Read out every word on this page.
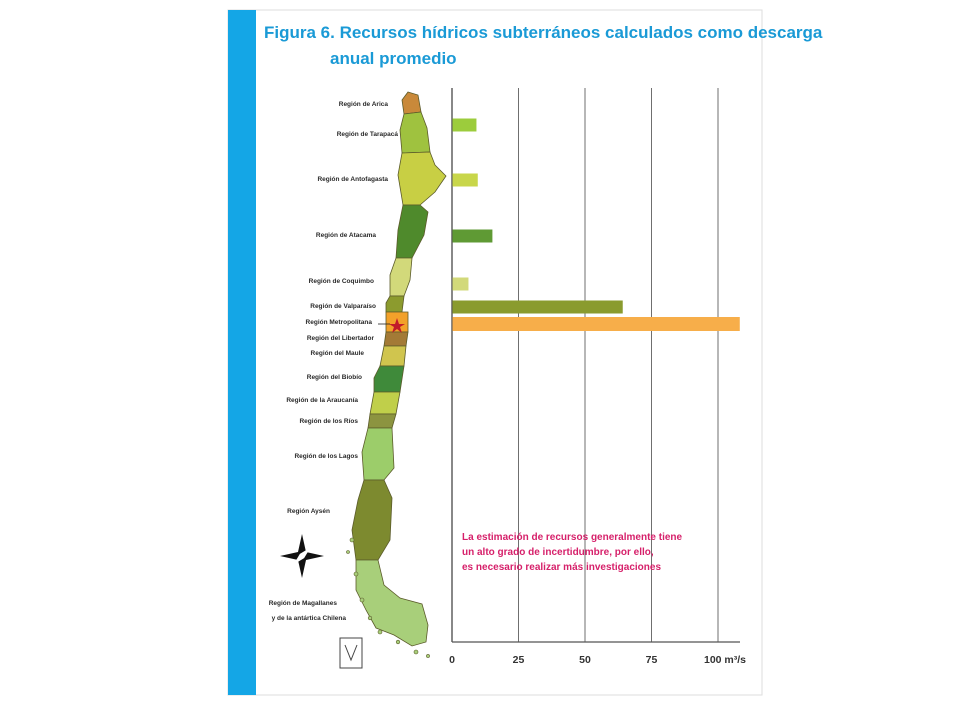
Figura 6. Recursos hídricos subterráneos calculados como descarga
anual promedio
Región de Arica
Región de Tarapacá
Región de Antofagasta
Región de Atacama
Región de Coquimbo
Región de Valparaíso
Región Metropolitana
Región del Libertador
Región del Maule
Región del Biobío
Región de la Araucanía
Región de los Ríos
Región de los Lagos
Región Aysén
Región de Magallanes
y de la antártica Chilena
0	25	50	75	100 m³/s
La estimación de recursos generalmente tiene
un alto grado de incertidumbre, por ello,
es necesario realizar más investigaciones
